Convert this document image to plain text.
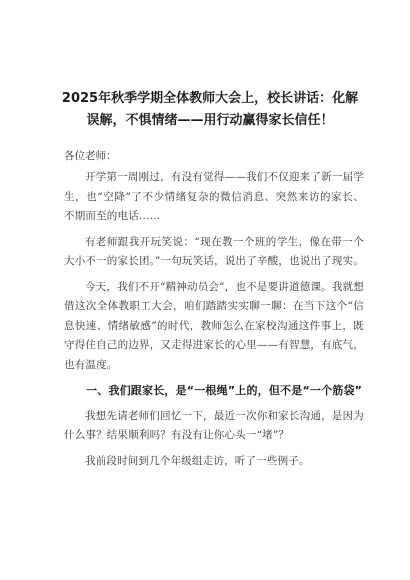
2025年秋季学期全体教师大会上，校长讲话：化解误解，不惧情绪——用行动赢得家长信任！
各位老师：

开学第一周刚过，有没有觉得——我们不仅迎来了新一届学生，也“空降”了不少情绪复杂的微信消息、突然来访的家长、不期而至的电话……

有老师跟我开玩笑说：“现在教一个班的学生，像在带一个大小不一的家长团。”一句玩笑话，说出了辛酸，也说出了现实。

今天，我们不开“精神动员会”，也不是要讲道德课。我就想借这次全体教职工大会，咱们踏踏实实聊一聊：在当下这个“信息快速、情绪敏感”的时代，教师怎么在家校沟通这件事上，既守得住自己的边界，又走得进家长的心里——有智慧，有底气，也有温度。

一、我们跟家长，是“一根绳”上的，但不是“一个筋袋”

我想先请老师们回忆一下，最近一次你和家长沟通，是因为什么事？结果顺利吗？有没有让你心头一“堵”？

我前段时间到几个年级组走访，听了一些例子。
